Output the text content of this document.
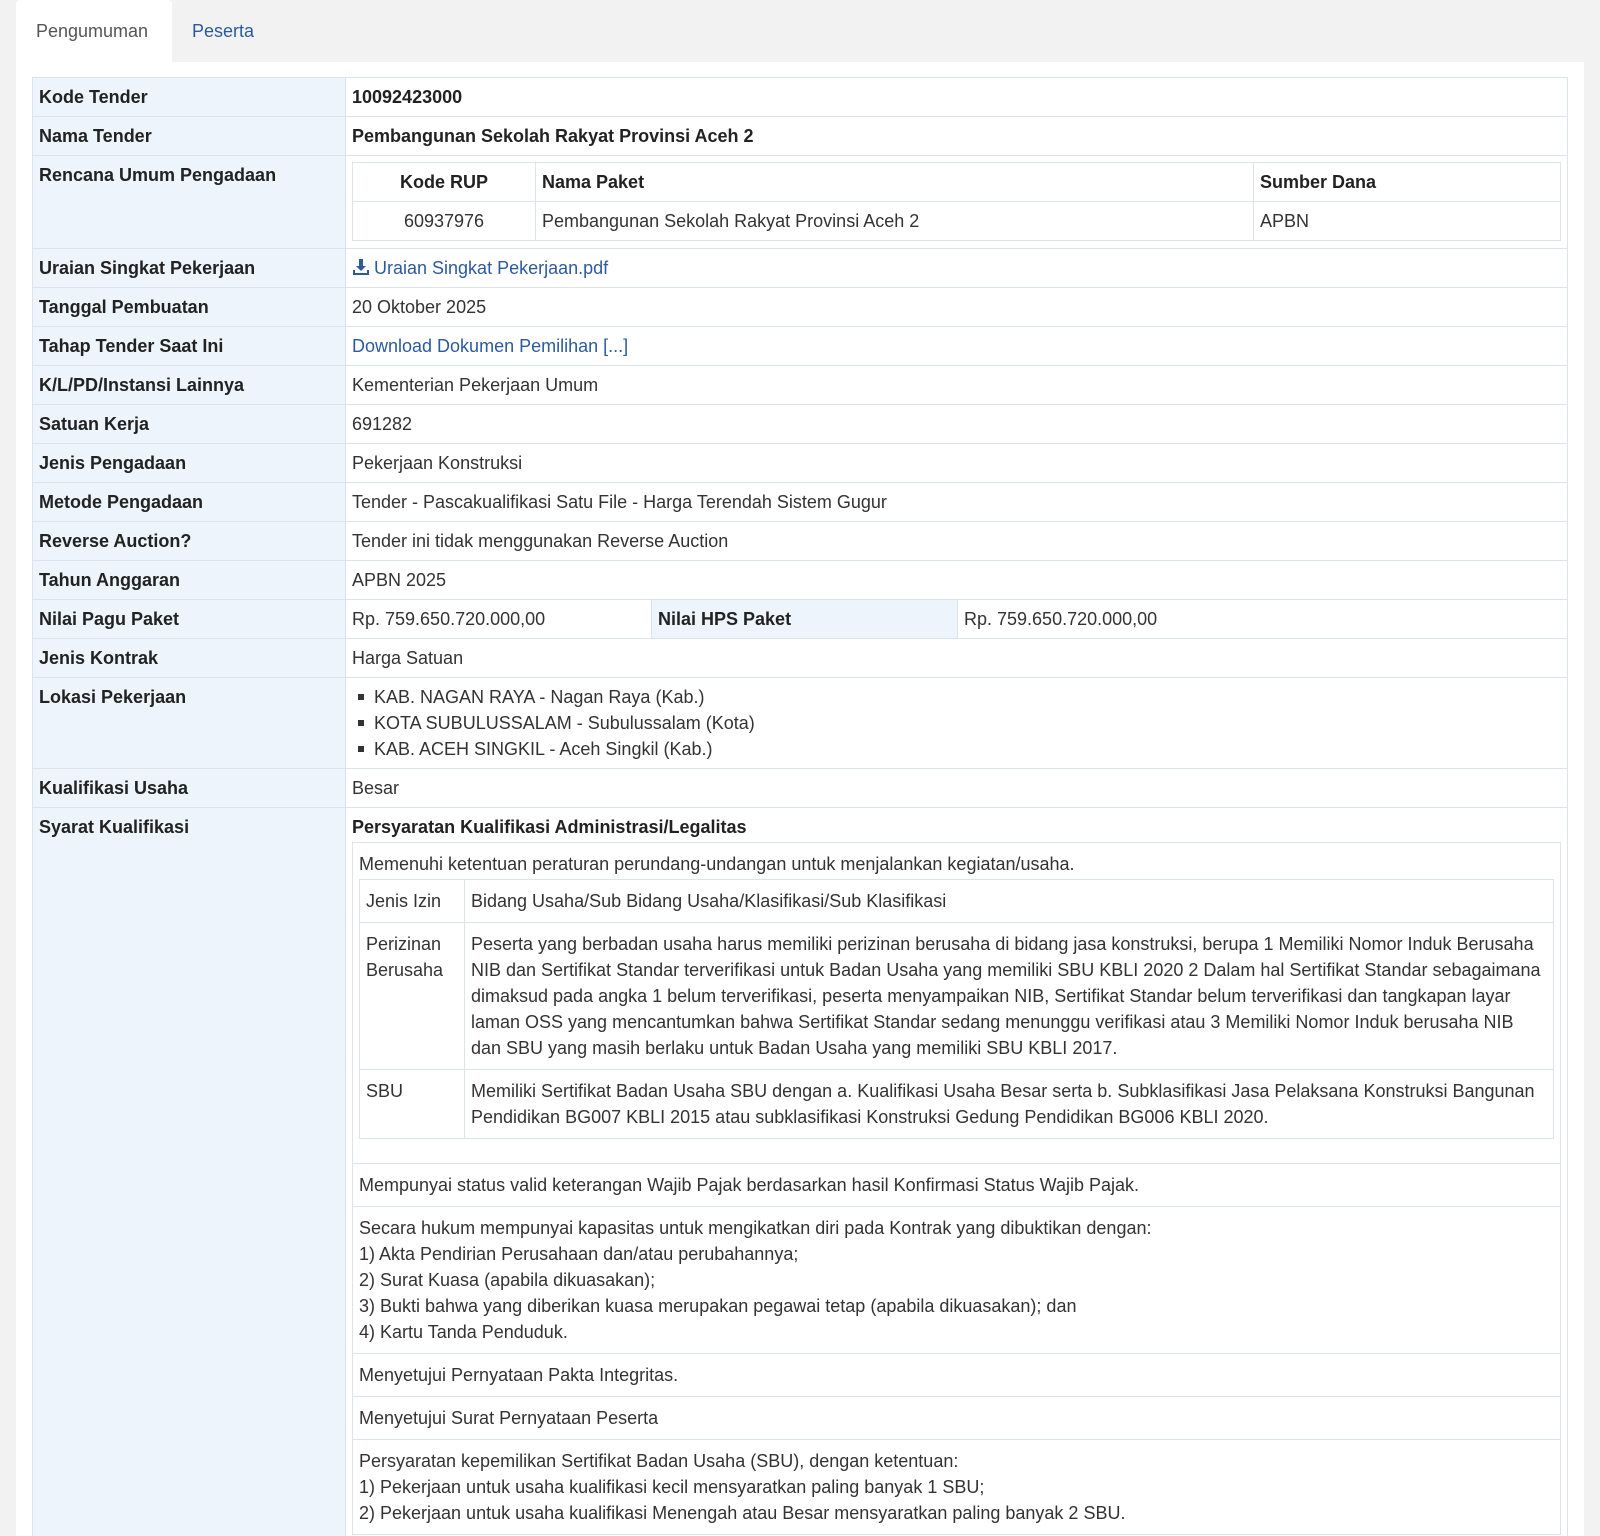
Pengumuman	Peserta
Kode Tender	10092423000
Nama Tender	Pembangunan Sekolah Rakyat Provinsi Aceh 2
Rencana Umum Pengadaan		Kode RUP	Nama Paket	Sumber Dana
60937976	Pembangunan Sekolah Rakyat Provinsi Aceh 2	APBN

Uraian Singkat Pekerjaan	Uraian Singkat Pekerjaan.pdf
Tanggal Pembuatan	20 Oktober 2025
Tahap Tender Saat Ini	Download Dokumen Pemilihan [...]
K/L/PD/Instansi Lainnya	Kementerian Pekerjaan Umum
Satuan Kerja	691282
Jenis Pengadaan	Pekerjaan Konstruksi
Metode Pengadaan	Tender - Pascakualifikasi Satu File - Harga Terendah Sistem Gugur
Reverse Auction?	Tender ini tidak menggunakan Reverse Auction
Tahun Anggaran	APBN 2025
Nilai Pagu Paket	Rp. 759.650.720.000,00	Nilai HPS Paket	Rp. 759.650.720.000,00

Jenis Kontrak	Harga Satuan
Lokasi Pekerjaan	KAB. NAGAN RAYA - Nagan Raya (Kab.)
KOTA SUBULUSSALAM - Subulussalam (Kota)
KAB. ACEH SINGKIL - Aceh Singkil (Kab.)

Kualifikasi Usaha	Besar
Syarat Kualifikasi	Persyaratan Kualifikasi Administrasi/Legalitas
Memenuhi ketentuan peraturan perundang-undangan untuk menjalankan kegiatan/usaha.
Jenis Izin	Bidang Usaha/Sub Bidang Usaha/Klasifikasi/Sub Klasifikasi
Perizinan Berusaha	Peserta yang berbadan usaha harus memiliki perizinan berusaha di bidang jasa konstruksi, berupa 1 Memiliki Nomor Induk Berusaha NIB dan Sertifikat Standar terverifikasi untuk Badan Usaha yang memiliki SBU KBLI 2020 2 Dalam hal Sertifikat Standar sebagaimana dimaksud pada angka 1 belum terverifikasi, peserta menyampaikan NIB, Sertifikat Standar belum terverifikasi dan tangkapan layar laman OSS yang mencantumkan bahwa Sertifikat Standar sedang menunggu verifikasi atau 3 Memiliki Nomor Induk berusaha NIB dan SBU yang masih berlaku untuk Badan Usaha yang memiliki SBU KBLI 2017.
SBU	Memiliki Sertifikat Badan Usaha SBU dengan a. Kualifikasi Usaha Besar serta b. Subklasifikasi Jasa Pelaksana Konstruksi Bangunan Pendidikan BG007 KBLI 2015 atau subklasifikasi Konstruksi Gedung Pendidikan BG006 KBLI 2020.

Mempunyai status valid keterangan Wajib Pajak berdasarkan hasil Konfirmasi Status Wajib Pajak.

Secara hukum mempunyai kapasitas untuk mengikatkan diri pada Kontrak yang dibuktikan dengan:
1) Akta Pendirian Perusahaan dan/atau perubahannya;
2) Surat Kuasa (apabila dikuasakan);
3) Bukti bahwa yang diberikan kuasa merupakan pegawai tetap (apabila dikuasakan); dan
4) Kartu Tanda Penduduk.

Menyetujui Pernyataan Pakta Integritas.
Menyetujui Surat Pernyataan Peserta

Persyaratan kepemilikan Sertifikat Badan Usaha (SBU), dengan ketentuan:
1) Pekerjaan untuk usaha kualifikasi kecil mensyaratkan paling banyak 1 SBU;
2) Pekerjaan untuk usaha kualifikasi Menengah atau Besar mensyaratkan paling banyak 2 SBU.
